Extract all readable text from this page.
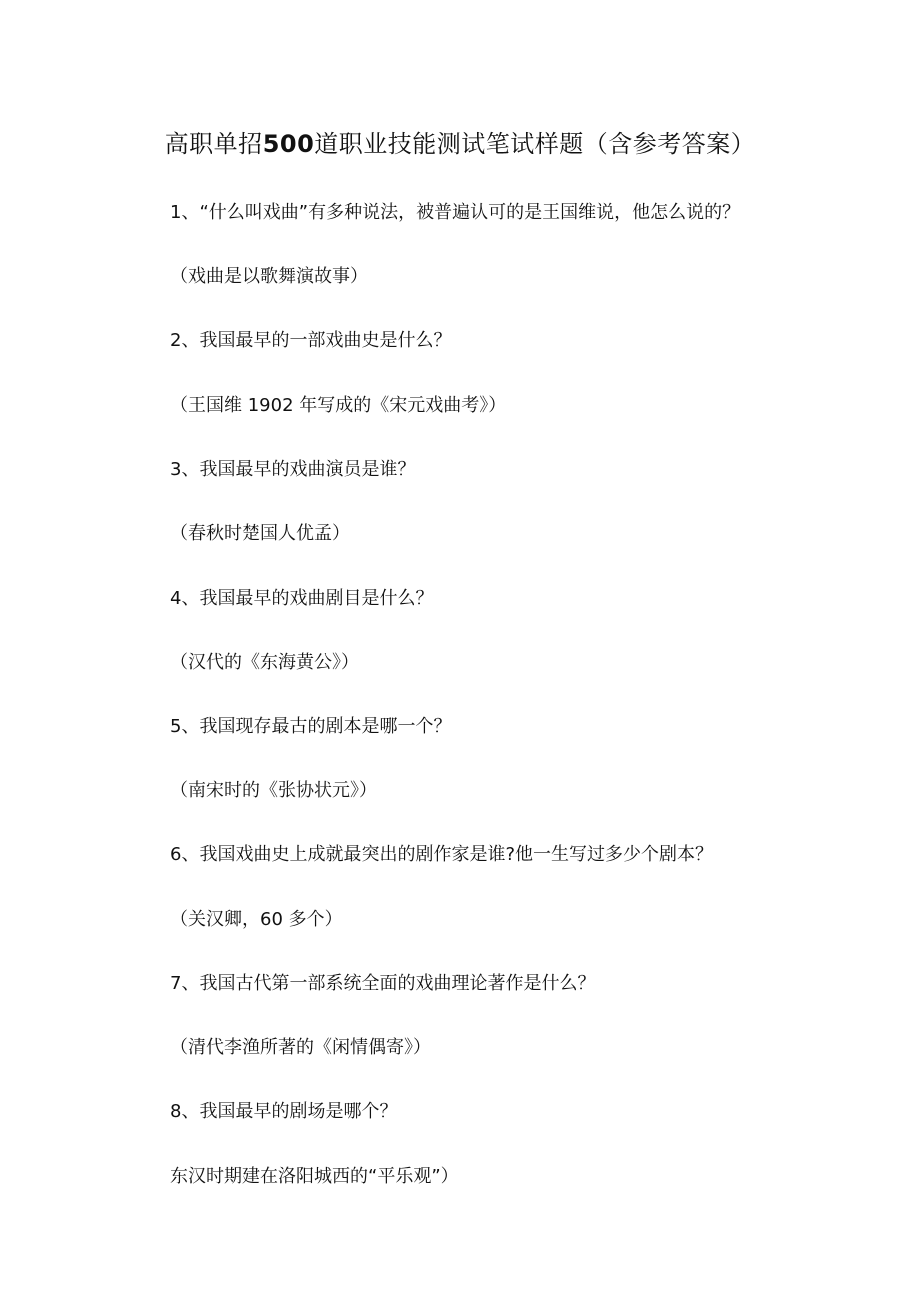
高职单招500道职业技能测试笔试样题（含参考答案）
1、“什么叫戏曲”有多种说法，被普遍认可的是王国维说，他怎么说的？
（戏曲是以歌舞演故事）
2、我国最早的一部戏曲史是什么？
（王国维 1902 年写成的《宋元戏曲考》）
3、我国最早的戏曲演员是谁？
（春秋时楚国人优孟）
4、我国最早的戏曲剧目是什么？
（汉代的《东海黄公》）
5、我国现存最古的剧本是哪一个？
（南宋时的《张协状元》）
6、我国戏曲史上成就最突出的剧作家是谁?他一生写过多少个剧本？
（关汉卿，60 多个）
7、我国古代第一部系统全面的戏曲理论著作是什么？
（清代李渔所著的《闲情偶寄》）
8、我国最早的剧场是哪个？
东汉时期建在洛阳城西的“平乐观”）
